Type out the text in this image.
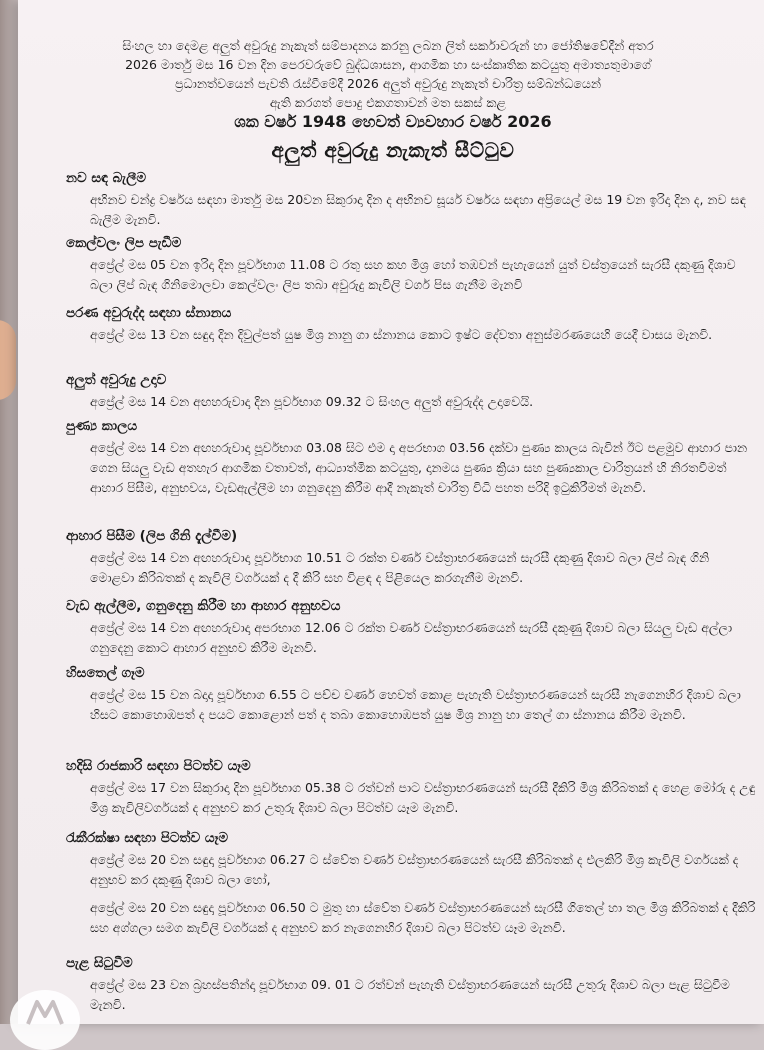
සිංහල හා දෙමළ අලුත් අවුරුදු නැකැත් සම්පාදනය කරනු ලබන ලිත් සර්කාවරුන් හා ජෝතිෂවේදීන් අතර
2026 මාර්තු මස 16 වන දින පෙරවරුවේ බුද්ධශාසන, ආගමික හා සංස්කෘතික කටයුතු අමාත්‍යතුමාගේ
ප්‍රධානත්වයෙන් පැවති රැස්වීමේදී 2026 අලුත් අවුරුදු නැකැත් චාරිත්‍ර සම්බන්ධයෙන්
ඇති කරගත් පොදු එකගතාවන් මත සකස් කළ
ශක වර්ෂ 1948 හෙවත් ව්‍යවහාර වර්ෂ 2026
අලුත් අවුරුදු නැකැත් සීට්ටුව
නව සඳ බැලීම
අභිනව චන්ද්‍ර වර්ෂය සඳහා මාර්තු මස 20වන සිකුරාදා දින ද අභිනව සූර්ය වර්ෂය සඳහා අප්‍රියෙල් මස 19 වන ඉරිදා දින ද, නව සඳ බැලීම මැනවි.
කෙල්වලං ලිප පැඩීම
අප්‍රේල් මස 05 වන ඉරිදා දින පූර්වභාග 11.08 ට රතු සහ කහ මිශ්‍ර හෝ තඹවන් පැහැයෙන් යුත් වස්ත්‍රයෙන් සැරසී දකුණු දිශාව බලා ලිප් බැඳ ගිනිමොලවා කෙල්වලං ලිප තබා අවුරුදු කැවිලි වර්ග පිස ගැනීම මැනවි
පරණ අවුරුද්ද සඳහා ස්නානය
අප්‍රේල් මස 13 වන සඳුදා දින දිවුල්පත් යුෂ මිශ්‍ර නානු ගා ස්නානය කොට ඉෂ්ට දේවතා අනුස්මරණයෙහි යෙදී වාසය මැනවි.
අලුත් අවුරුදු උදාව
අප්‍රේල් මස 14 වන අඟහරුවාදා දින පූර්වභාග 09.32 ට සිංහල අලුත් අවුරුද්ද උදාවෙයි.
පුණ්‍ය කාලය
අප්‍රේල් මස 14 වන අඟහරුවාදා පූර්වභාග 03.08 සිට එම දා අපරභාග 03.56 දක්වා පුණ්‍ය කාලය බැවින් ඊට පළමුව ආහාර පාන ගෙන සියලු වැඩ අතහැර ආගමික වතාවත්, ආධ්‍යාත්මික කටයුතු, දානමය පුණ්‍ය ක්‍රියා සහ පුණ්‍යකාල චාරිත්‍රයන් හි නිරතවීමත් ආහාර පිසීම, අනුභවය, වැඩඇල්ලීම හා ගනුදෙනු කිරීම ආදී නැකැත් චාරිත්‍ර විධි පහත පරිදි ඉටුකිරීමත් මැනවි.
ආහාර පිසීම (ලිප ගිනි දැල්වීම)
අප්‍රේල් මස 14 වන අඟහරුවාදා පූර්වභාග 10.51 ට රක්ත වර්ණ වස්ත්‍රාභරණයෙන් සැරසී දකුණු දිශාව බලා ලිප් බැඳ ගිනි මොළවා කිරිබතක් ද කැවිලි වර්ගයක් ද දී කිරි සහ විළඳ ද පිළියෙල කරගැනීම මැනවි.
වැඩ ඇල්ලීම, ගනුදෙනු කිරීම හා ආහාර අනුභවය
අප්‍රේල් මස 14 වන අඟහරුවාදා අපරභාග 12.06 ට රක්ත වර්ණ වස්ත්‍රාභරණයෙන් සැරසී දකුණු දිශාව බලා සියලු වැඩ අල්ලා ගනුදෙනු කොට ආහාර අනුභව කිරීම මැනවි.
හිසතෙල් ගෑම
අප්‍රේල් මස 15 වන බදාදා පූර්වභාග 6.55 ට පච්ච වර්ණ හෙවත් කොළ පැහැති වස්ත්‍රාභරණයෙන් සැරසී නැගෙනහිර දිශාව බලා හිසට කොහොඹපත් ද පයට කොළොන් පත් ද තබා කොහොඹපත් යුෂ මිශ්‍ර නානු හා තෙල් ගා ස්නානය කිරීම මැනවි.
හදිසි රාජකාරි සඳහා පිටත්ව යෑම
අප්‍රේල් මස 17 වන සිකුරාදා දින පූර්වභාග 05.38 ට රත්වන් පාට වස්ත්‍රාභරණයෙන් සැරසී දීකිරි මිශ්‍ර කිරිබතක් ද හෙළ මෝරු ද උඳු මිශ්‍ර කැවිලිවර්ගයක් ද අනුභව කර උතුරු දිශාව බලා පිටත්ව යෑම මැනවි.
රැකීරක්ෂා සඳහා පිටත්ව යෑම
අප්‍රේල් මස 20 වන සඳුදා පූර්වභාග 06.27 ට ස්වේත වර්ණ වස්ත්‍රාභරණයෙන් සැරසී කිරිබතක් ද එලකිරි මිශ්‍ර කැවිලි වර්ගයක් ද අනුභව කර දකුණු දිශාව බලා හෝ,
අප්‍රේල් මස 20 වන සඳුදා පූර්වභාග 06.50 ට මුතු හා ස්වේත වර්ණ වස්ත්‍රාභරණයෙන් සැරසී ගිතෙල් හා තල මිශ්‍ර කිරිබතක් ද දීකිරි සහ අග්ගලා සමග කැවිලි වර්ගයක් ද අනුභව කර නැගෙනහිර දිශාව බලා පිටත්ව යෑම මැනවි.
පැළ සිටුවීම
අප්‍රේල් මස 23 වන බ්‍රහස්පතින්දා පූර්වභාග 09. 01 ට රත්වන් පැහැති වස්ත්‍රාභරණයෙන් සැරසී උතුරු දිශාව බලා පැළ සිටුවීම මැනවි.
